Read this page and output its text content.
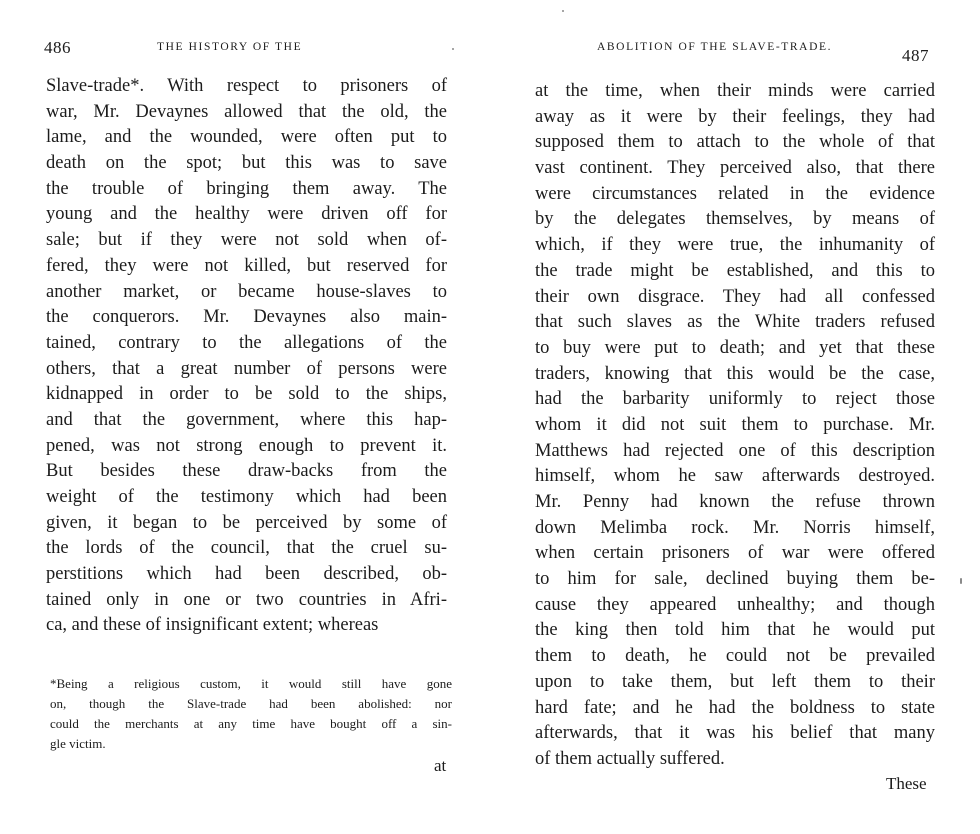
486	THE HISTORY OF THE
Slave-trade*. With respect to prisoners of
war, Mr. Devaynes allowed that the old, the
lame, and the wounded, were often put to
death on the spot; but this was to save
the trouble of bringing them away. The
young and the healthy were driven off for
sale; but if they were not sold when of-
fered, they were not killed, but reserved for
another market, or became house-slaves to
the conquerors. Mr. Devaynes also main-
tained, contrary to the allegations of the
others, that a great number of persons were
kidnapped in order to be sold to the ships,
and that the government, where this hap-
pened, was not strong enough to prevent it.
But besides these draw-backs from the
weight of the testimony which had been
given, it began to be perceived by some of
the lords of the council, that the cruel su-
perstitions which had been described, ob-
tained only in one or two countries in Afri-
ca, and these of insignificant extent; whereas
*Being a religious custom, it would still have gone
on, though the Slave-trade had been abolished: nor
could the merchants at any time have bought off a sin-
gle victim.
at
ABOLITION OF THE SLAVE-TRADE.	487
at the time, when their minds were carried
away as it were by their feelings, they had
supposed them to attach to the whole of that
vast continent. They perceived also, that there
were circumstances related in the evidence
by the delegates themselves, by means of
which, if they were true, the inhumanity of
the trade might be established, and this to
their own disgrace. They had all confessed
that such slaves as the White traders refused
to buy were put to death; and yet that these
traders, knowing that this would be the case,
had the barbarity uniformly to reject those
whom it did not suit them to purchase. Mr.
Matthews had rejected one of this description
himself, whom he saw afterwards destroyed.
Mr. Penny had known the refuse thrown
down Melimba rock. Mr. Norris himself,
when certain prisoners of war were offered
to him for sale, declined buying them be-
cause they appeared unhealthy; and though
the king then told him that he would put
them to death, he could not be prevailed
upon to take them, but left them to their
hard fate; and he had the boldness to state
afterwards, that it was his belief that many
of them actually suffered.
These
